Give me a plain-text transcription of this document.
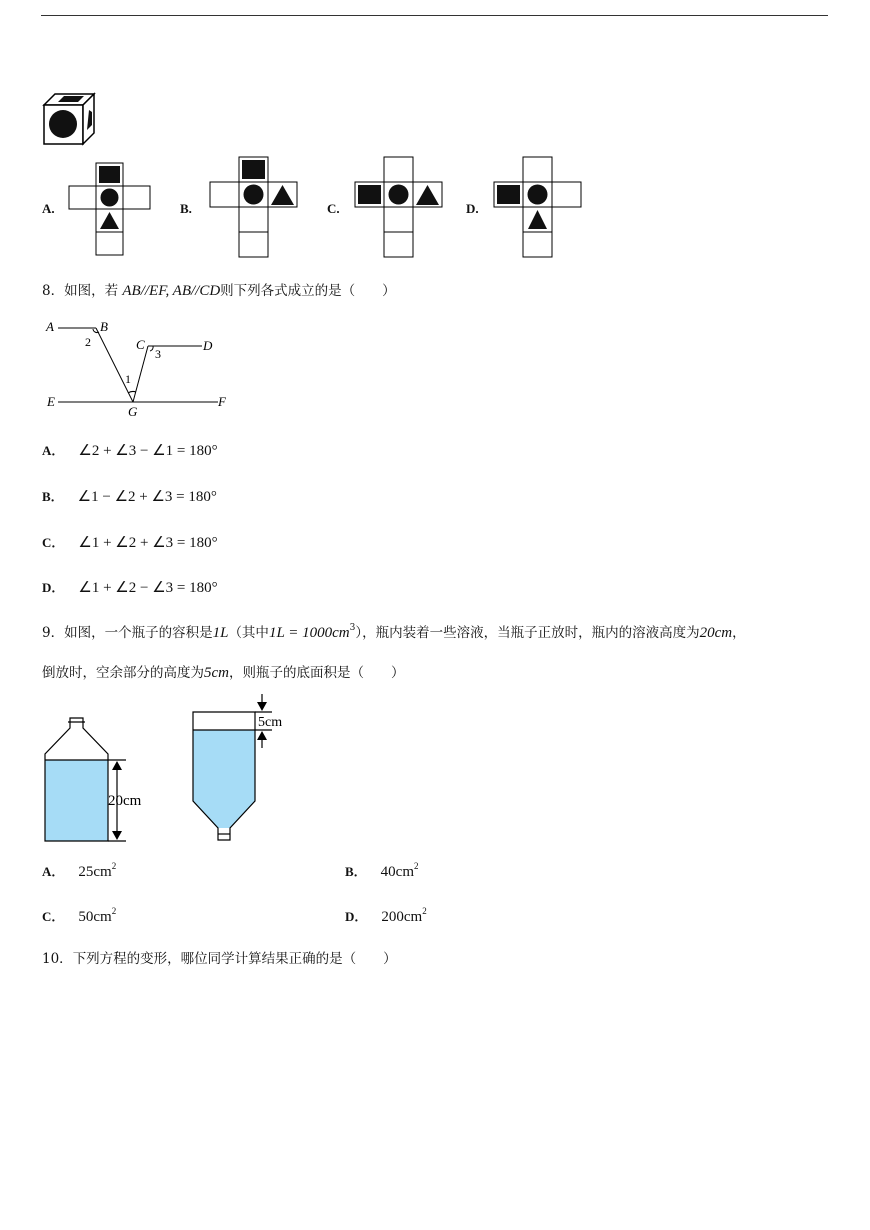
A.	B.	C.	D.
8．如图，若 AB//EF, AB//CD则下列各式成立的是（　　）
A	B
C	D
E	F
G
1
2
3
A． ∠2 + ∠3 − ∠1 = 180°
B． ∠1 − ∠2 + ∠3 = 180°
C． ∠1 + ∠2 + ∠3 = 180°
D． ∠1 + ∠2 − ∠3 = 180°
9．如图，一个瓶子的容积是1L（其中$1L = 1000cm^3$），瓶内装着一些溶液，当瓶子正放时，瓶内的溶液高度为20cm，
倒放时，空余部分的高度为5cm，则瓶子的底面积是（　　）
20cm
5cm
A． $25cm^2$	B． $40cm^2$
C． $50cm^2$	D． $200cm^2$
10．下列方程的变形，哪位同学计算结果正确的是（　　）
